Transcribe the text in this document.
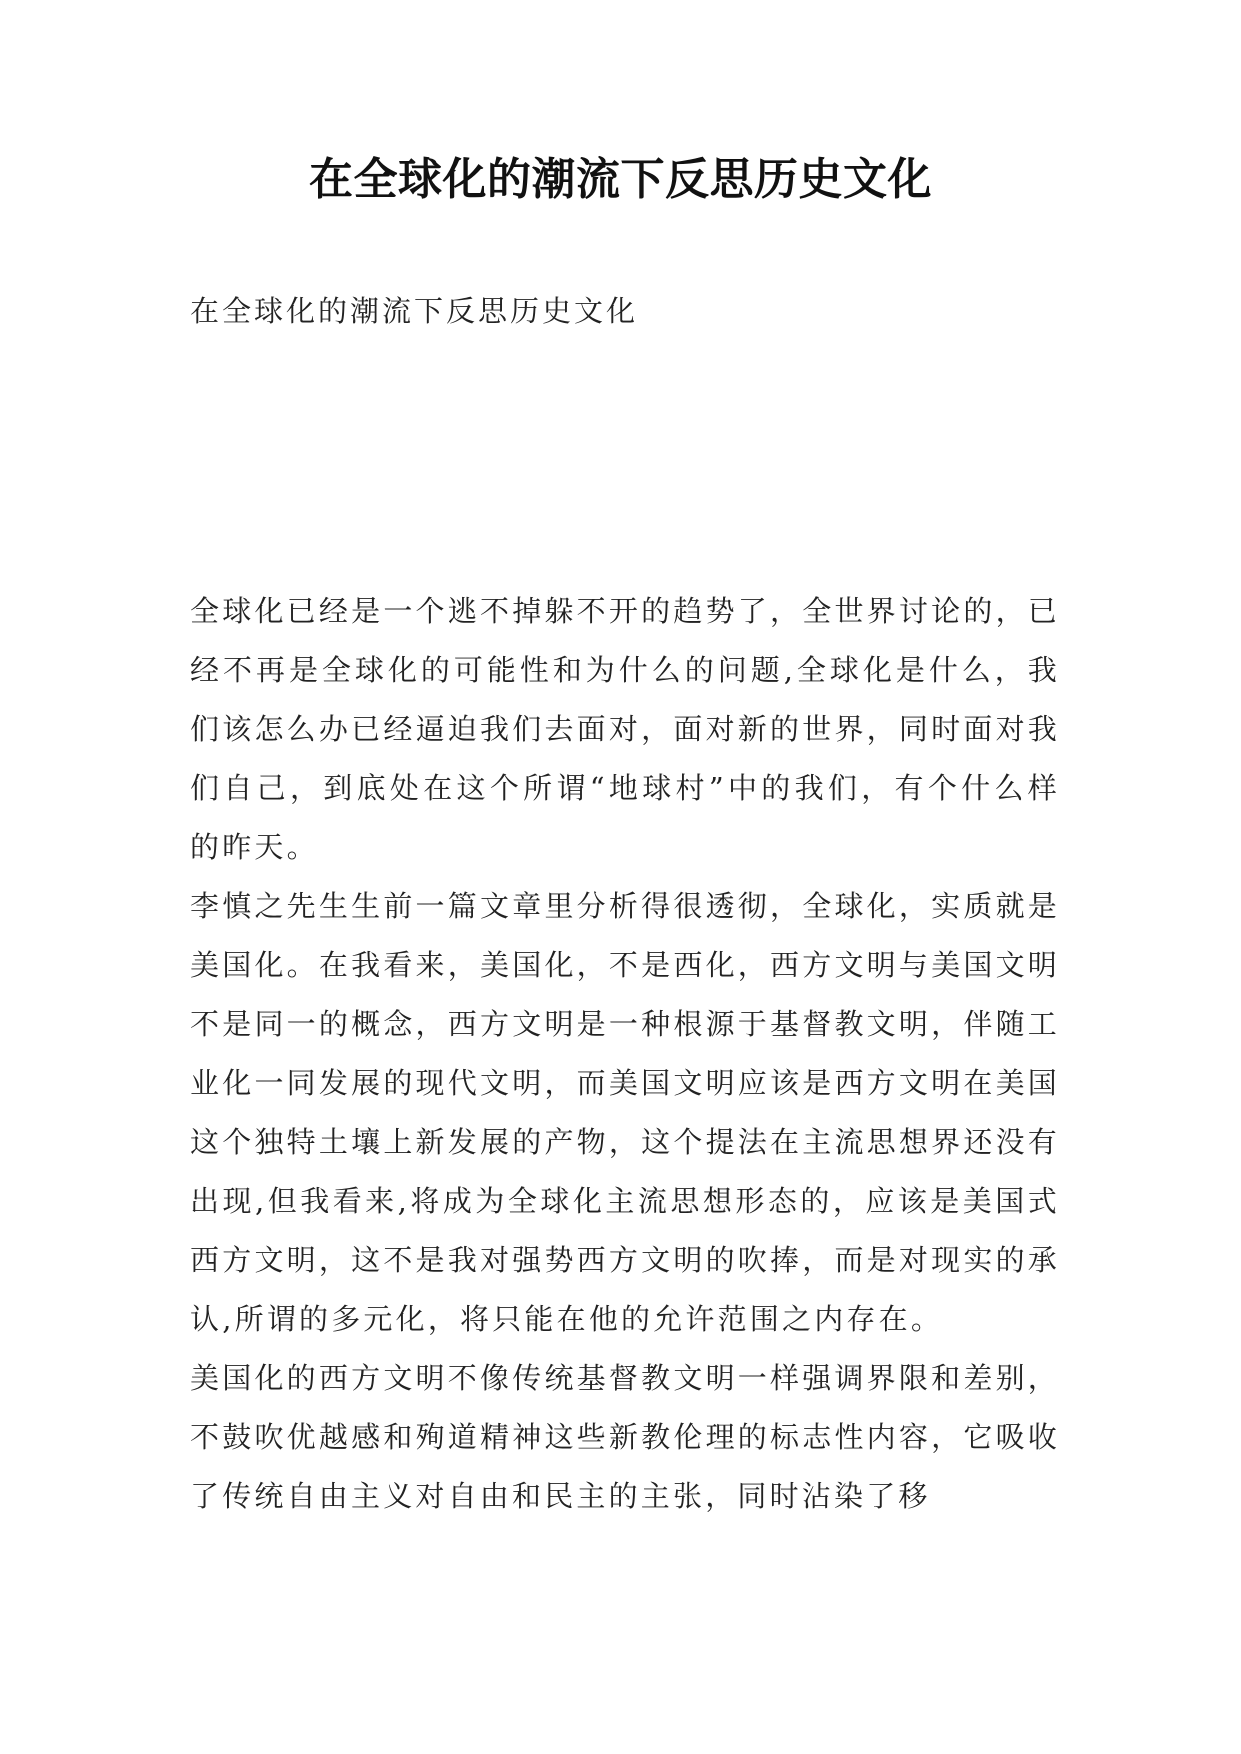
在全球化的潮流下反思历史文化
在全球化的潮流下反思历史文化

全球化已经是一个逃不掉躲不开的趋势了，全世界讨论的，已经不再是全球化的可能性和为什么的问题,全球化是什么，我们该怎么办已经逼迫我们去面对，面对新的世界，同时面对我们自己，到底处在这个所谓“地球村”中的我们，有个什么样的昨天。

李慎之先生生前一篇文章里分析得很透彻，全球化，实质就是美国化。在我看来，美国化，不是西化，西方文明与美国文明不是同一的概念，西方文明是一种根源于基督教文明，伴随工业化一同发展的现代文明，而美国文明应该是西方文明在美国这个独特土壤上新发展的产物，这个提法在主流思想界还没有出现,但我看来,将成为全球化主流思想形态的，应该是美国式西方文明，这不是我对强势西方文明的吹捧，而是对现实的承认,所谓的多元化，将只能在他的允许范围之内存在。

美国化的西方文明不像传统基督教文明一样强调界限和差别，不鼓吹优越感和殉道精神这些新教伦理的标志性内容，它吸收了传统自由主义对自由和民主的主张，同时沾染了移
